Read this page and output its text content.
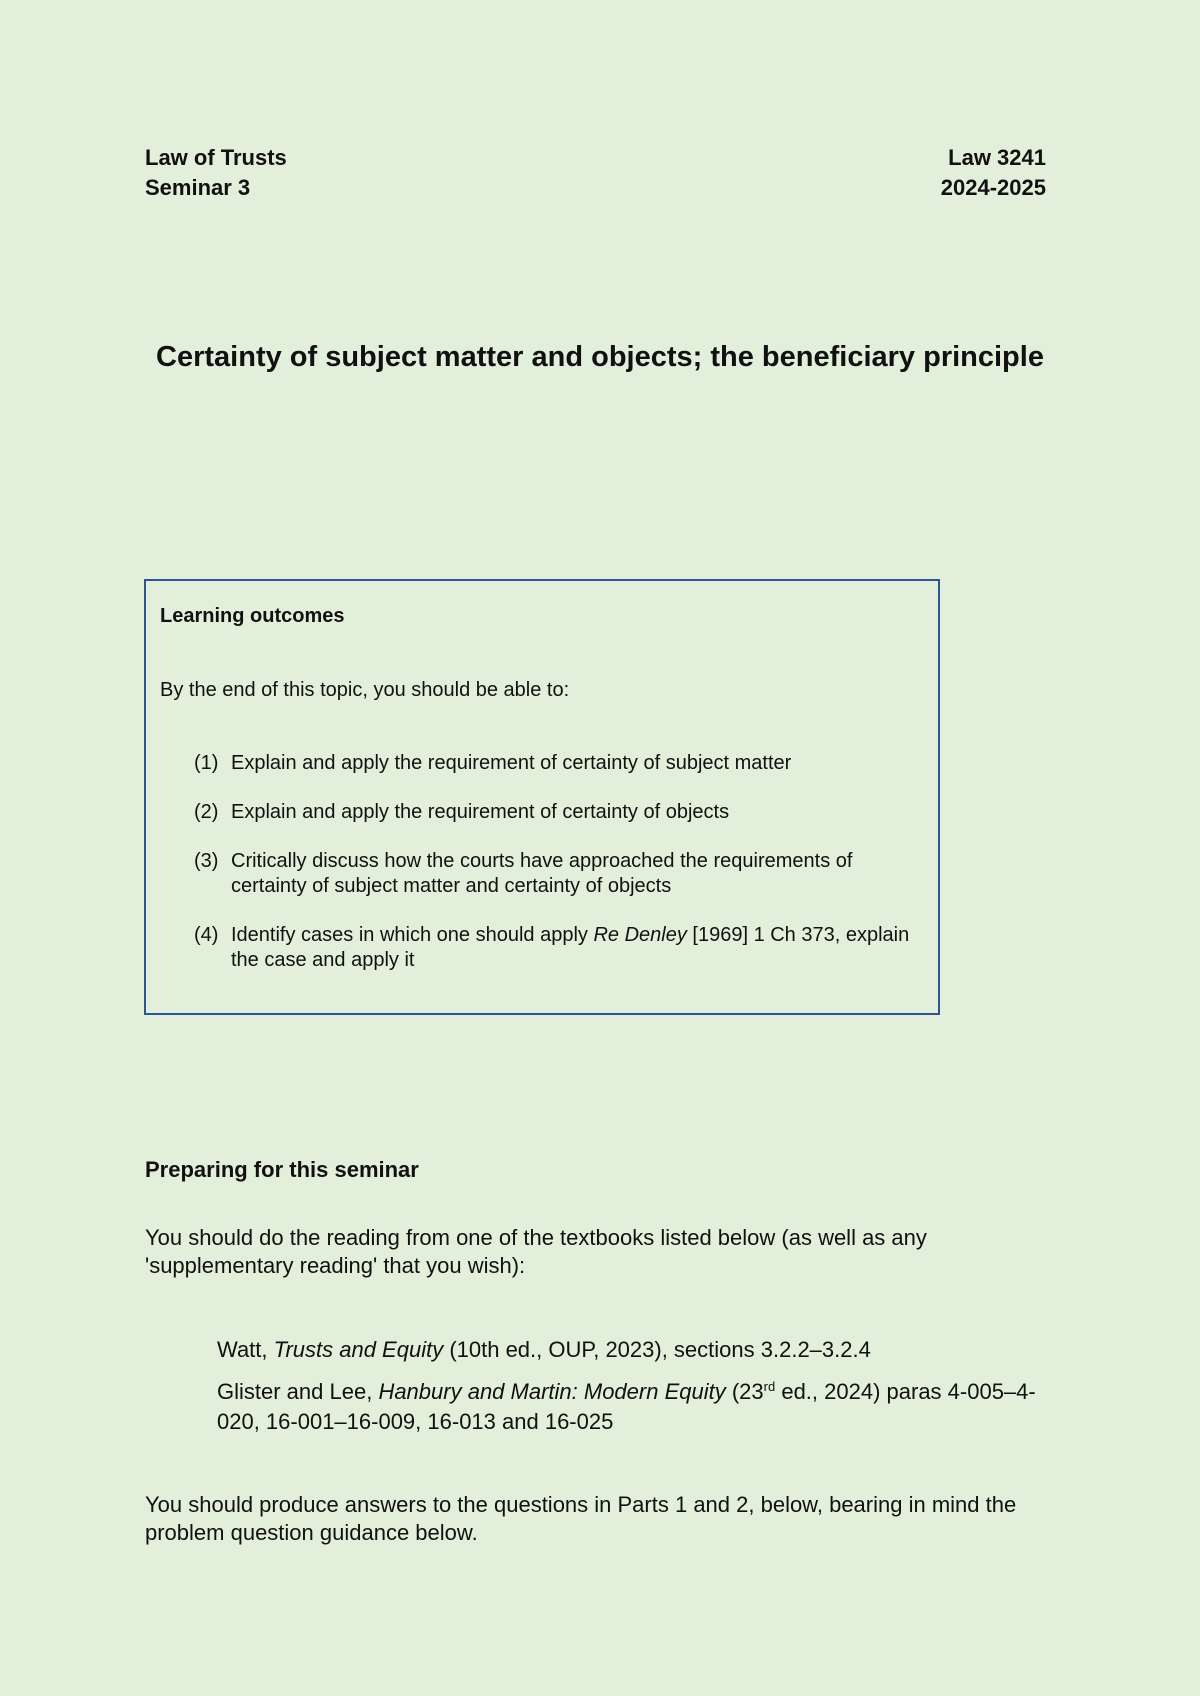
Law of Trusts
Seminar 3
Law 3241
2024-2025
Certainty of subject matter and objects; the beneficiary principle
Learning outcomes
By the end of this topic, you should be able to:
(1) Explain and apply the requirement of certainty of subject matter
(2) Explain and apply the requirement of certainty of objects
(3) Critically discuss how the courts have approached the requirements of certainty of subject matter and certainty of objects
(4) Identify cases in which one should apply Re Denley [1969] 1 Ch 373, explain the case and apply it
Preparing for this seminar
You should do the reading from one of the textbooks listed below (as well as any 'supplementary reading' that you wish):
Watt, Trusts and Equity (10th ed., OUP, 2023), sections 3.2.2–3.2.4
Glister and Lee, Hanbury and Martin: Modern Equity (23rd ed., 2024) paras 4-005–4-020, 16-001–16-009, 16-013 and 16-025
You should produce answers to the questions in Parts 1 and 2, below, bearing in mind the problem question guidance below.
